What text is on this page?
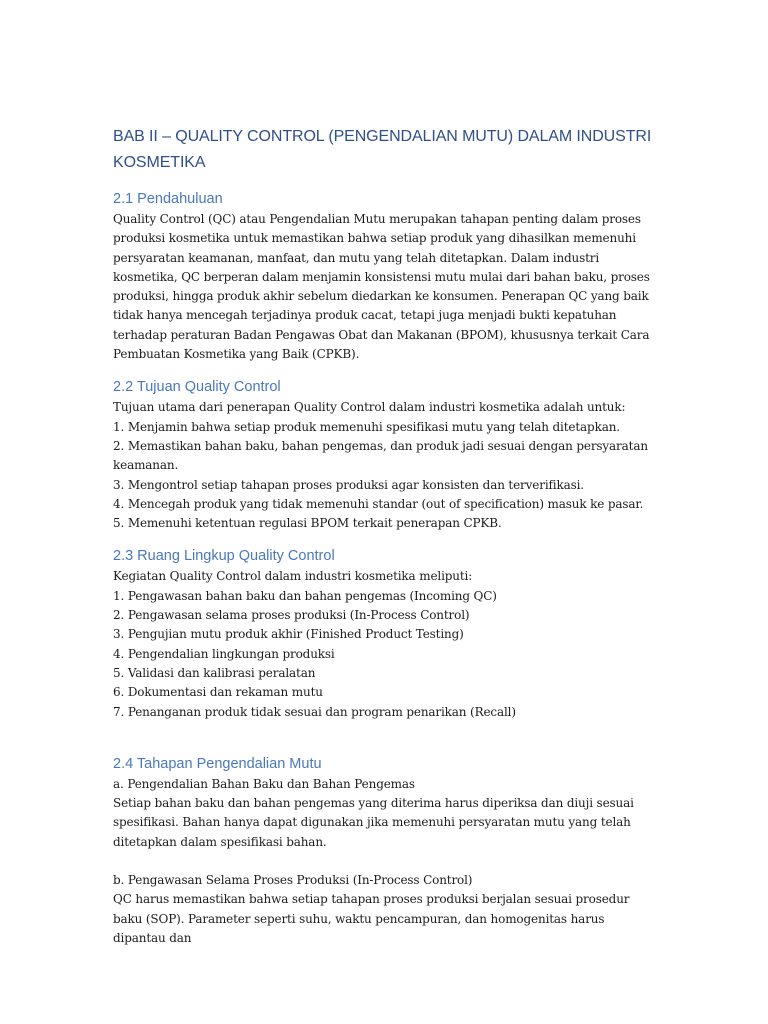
BAB II – QUALITY CONTROL (PENGENDALIAN MUTU) DALAM INDUSTRI KOSMETIKA
2.1 Pendahuluan

Quality Control (QC) atau Pengendalian Mutu merupakan tahapan penting dalam proses produksi kosmetika untuk memastikan bahwa setiap produk yang dihasilkan memenuhi persyaratan keamanan, manfaat, dan mutu yang telah ditetapkan. Dalam industri kosmetika, QC berperan dalam menjamin konsistensi mutu mulai dari bahan baku, proses produksi, hingga produk akhir sebelum diedarkan ke konsumen. Penerapan QC yang baik tidak hanya mencegah terjadinya produk cacat, tetapi juga menjadi bukti kepatuhan terhadap peraturan Badan Pengawas Obat dan Makanan (BPOM), khususnya terkait Cara Pembuatan Kosmetika yang Baik (CPKB).

2.2 Tujuan Quality Control

Tujuan utama dari penerapan Quality Control dalam industri kosmetika adalah untuk:

1. Menjamin bahwa setiap produk memenuhi spesifikasi mutu yang telah ditetapkan.

2. Memastikan bahan baku, bahan pengemas, dan produk jadi sesuai dengan persyaratan keamanan.

3. Mengontrol setiap tahapan proses produksi agar konsisten dan terverifikasi.

4. Mencegah produk yang tidak memenuhi standar (out of specification) masuk ke pasar.

5. Memenuhi ketentuan regulasi BPOM terkait penerapan CPKB.

2.3 Ruang Lingkup Quality Control

Kegiatan Quality Control dalam industri kosmetika meliputi:

1. Pengawasan bahan baku dan bahan pengemas (Incoming QC)

2. Pengawasan selama proses produksi (In-Process Control)

3. Pengujian mutu produk akhir (Finished Product Testing)

4. Pengendalian lingkungan produksi

5. Validasi dan kalibrasi peralatan

6. Dokumentasi dan rekaman mutu

7. Penanganan produk tidak sesuai dan program penarikan (Recall)

2.4 Tahapan Pengendalian Mutu

a. Pengendalian Bahan Baku dan Bahan Pengemas

Setiap bahan baku dan bahan pengemas yang diterima harus diperiksa dan diuji sesuai spesifikasi. Bahan hanya dapat digunakan jika memenuhi persyaratan mutu yang telah ditetapkan dalam spesifikasi bahan.

b. Pengawasan Selama Proses Produksi (In-Process Control)

QC harus memastikan bahwa setiap tahapan proses produksi berjalan sesuai prosedur baku (SOP). Parameter seperti suhu, waktu pencampuran, dan homogenitas harus dipantau dan
